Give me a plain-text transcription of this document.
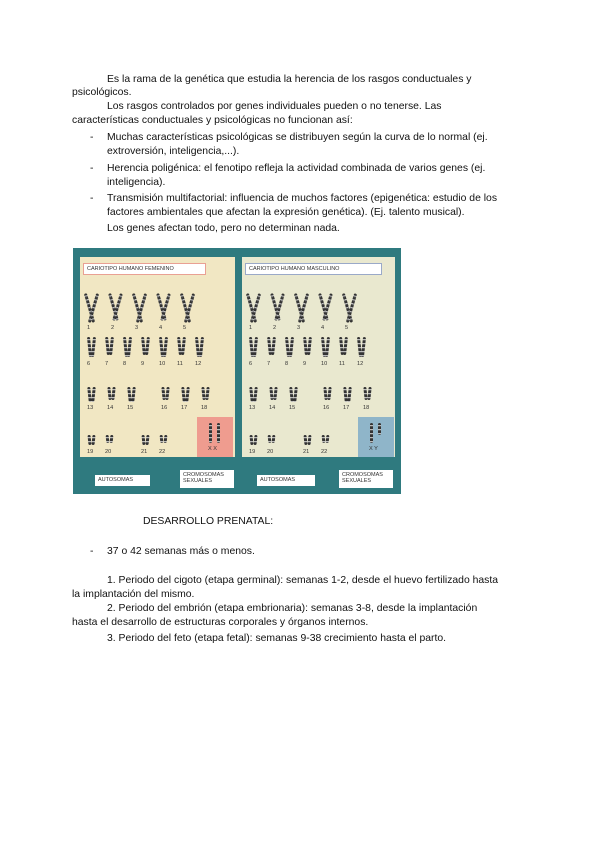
Es la rama de la genética que estudia la herencia de los rasgos conductuales y

psicológicos.

Los rasgos controlados por genes individuales pueden o no tenerse. Las

características conductuales y psicológicas no funcionan así:

- Muchas características psicológicas se distribuyen según la curva de lo normal (ej.

extroversión, inteligencia,...).

- Herencia poligénica: el fenotipo refleja la actividad combinada de varios genes (ej.

inteligencia).

- Transmisión multifactorial: influencia de muchos factores (epigenética: estudio de los

factores ambientales que afectan la expresión genética). (Ej. talento musical).

Los genes afectan todo, pero no determinan nada.

CARIOTIPO HUMANO FEMENINO
X X
1	2	3	4	5
6	7	8	9	10 11 12
13 14 15	16 17 18
19 20	21 22
CARIOTIPO HUMANO MASCULINO
X Y
1	2	3	4	5
6	7	8	9	10 11 12
13 14 15	16 17 18
19 20	21 22
AUTOSOMAS
CROMOSOMAS
SEXUALES	AUTOSOMAS
CROMOSOMAS
SEXUALES

DESARROLLO PRENATAL:

- 37 o 42 semanas más o menos.

1. Periodo del cigoto (etapa germinal): semanas 1-2, desde el huevo fertilizado hasta

la implantación del mismo.

2. Periodo del embrión (etapa embrionaria): semanas 3-8, desde la implantación

hasta el desarrollo de estructuras corporales y órganos internos.

3. Periodo del feto (etapa fetal): semanas 9-38 crecimiento hasta el parto.
